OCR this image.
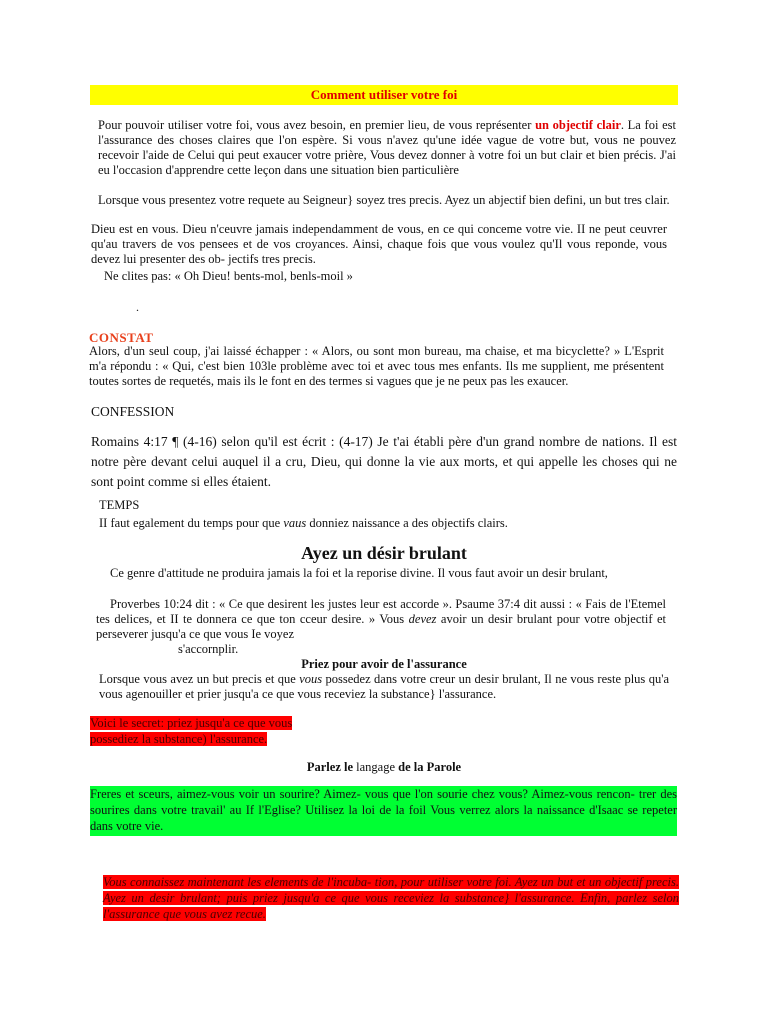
Comment utiliser votre foi
Pour pouvoir utiliser votre foi, vous avez besoin, en premier lieu, de vous représenter un objectif clair. La foi est l'assurance des choses claires que l'on espère. Si vous n'avez qu'une idée vague de votre but, vous ne pouvez recevoir l'aide de Celui qui peut exaucer votre prière, Vous devez donner à votre foi un but clair et bien précis. J'ai eu l'occasion d'apprendre cette leçon dans une situation bien particulière
Lorsque vous presentez votre requete au Seigneur} soyez tres precis. Ayez un abjectif bien defini, un but tres clair.
Dieu est en vous. Dieu n'ceuvre jamais independamment de vous, en ce qui conceme votre vie. II ne peut ceuvrer qu'au travers de vos pensees et de vos croyances. Ainsi, chaque fois que vous voulez qu'Il vous reponde, vous devez lui presenter des ob- jectifs tres precis.
Ne clites pas: « Oh Dieu! bents-mol, benls-moil »
.
CONSTAT
Alors, d'un seul coup, j'ai laissé échapper : « Alors, ou sont mon bureau, ma chaise, et ma bicyclette? » L'Esprit m'a répondu : « Qui, c'est bien 103le problème avec toi et avec tous mes enfants. Ils me supplient, me présentent toutes sortes de requetés, mais ils le font en des termes si vagues que je ne peux pas les exaucer.
CONFESSION
Romains 4:17 ¶ (4-16) selon qu'il est écrit : (4-17) Je t'ai établi père d'un grand nombre de nations. Il est notre père devant celui auquel il a cru, Dieu, qui donne la vie aux morts, et qui appelle les choses qui ne sont point comme si elles étaient.
TEMPS
II faut egalement du temps pour que vaus donniez naissance a des objectifs clairs.
Ayez un désir brulant
Ce genre d'attitude ne produira jamais la foi et la reporise divine. Il vous faut avoir un desir brulant,
Proverbes 10:24 dit : « Ce que desirent les justes leur est accorde ». Psaume 37:4 dit aussi : « Fais de l'Etemel tes delices, et II te donnera ce que ton cceur desire. » Vous devez avoir un desir brulant pour votre objectif et perseverer jusqu'a ce que vous Ie voyez
s'accornplir.
Priez pour avoir de l'assurance
Lorsque vous avez un but precis et que vous possedez dans votre creur un desir brulant, Il ne vous reste plus qu'a vous agenouiller et prier jusqu'a ce que vous receviez la substance} l'assurance.
Voici le secret: priez jusqu'a ce que vous
possediez la substance) l'assurance.
Parlez le langage de la Parole
Freres et sceurs, aimez-vous voir un sourire? Aimez- vous que l'on sourie chez vous? Aimez-vous rencon- trer des sourires dans votre travail' au If l'Eglise? Utilisez la loi de la foil Vous verrez alors la naissance d'Isaac se repeter dans votre vie.
Vous connaissez maintenant les elements de l'incuba- tion, pour utiliser votre foi. Ayez un but et un objectif precis. Ayez un desir brulant; puis priez jusqu'a ce que vous receviez la substance} l'assurance. Enfin, parlez selon l'assurance que vous avez recue.
